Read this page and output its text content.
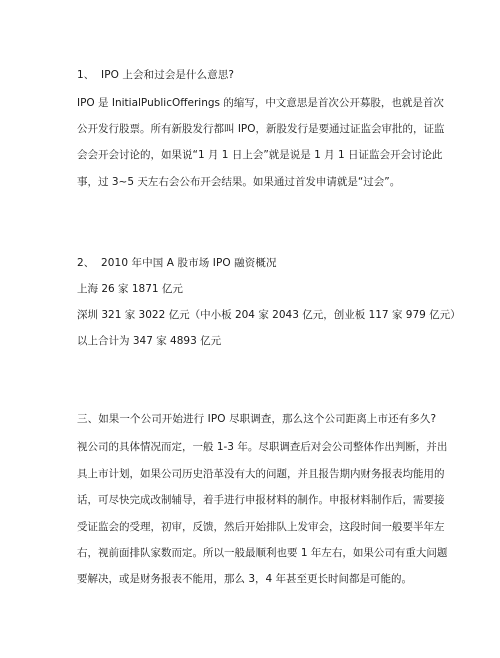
1、 IPO 上会和过会是什么意思?
IPO 是 InitialPublicOfferings 的缩写，中文意思是首次公开募股，也就是首次
公开发行股票。所有新股发行都叫 IPO，新股发行是要通过证监会审批的，证监
会会开会讨论的，如果说“1 月 1 日上会”就是说是 1 月 1 日证监会开会讨论此
事，过 3~5 天左右会公布开会结果。如果通过首发申请就是“过会”。
2、 2010 年中国 A 股市场 IPO 融资概况
上海 26 家 1871 亿元
深圳 321 家 3022 亿元（中小板 204 家 2043 亿元，创业板 117 家 979 亿元）
以上合计为 347 家 4893 亿元
三、如果一个公司开始进行 IPO 尽职调查，那么这个公司距离上市还有多久?
视公司的具体情况而定，一般 1-3 年。尽职调查后对会公司整体作出判断，并出
具上市计划，如果公司历史沿革没有大的问题，并且报告期内财务报表均能用的
话，可尽快完成改制辅导，着手进行申报材料的制作。申报材料制作后，需要接
受证监会的受理，初审，反馈，然后开始排队上发审会，这段时间一般要半年左
右，视前面排队家数而定。所以一般最顺利也要 1 年左右，如果公司有重大问题
要解决，或是财务报表不能用，那么 3，4 年甚至更长时间都是可能的。
